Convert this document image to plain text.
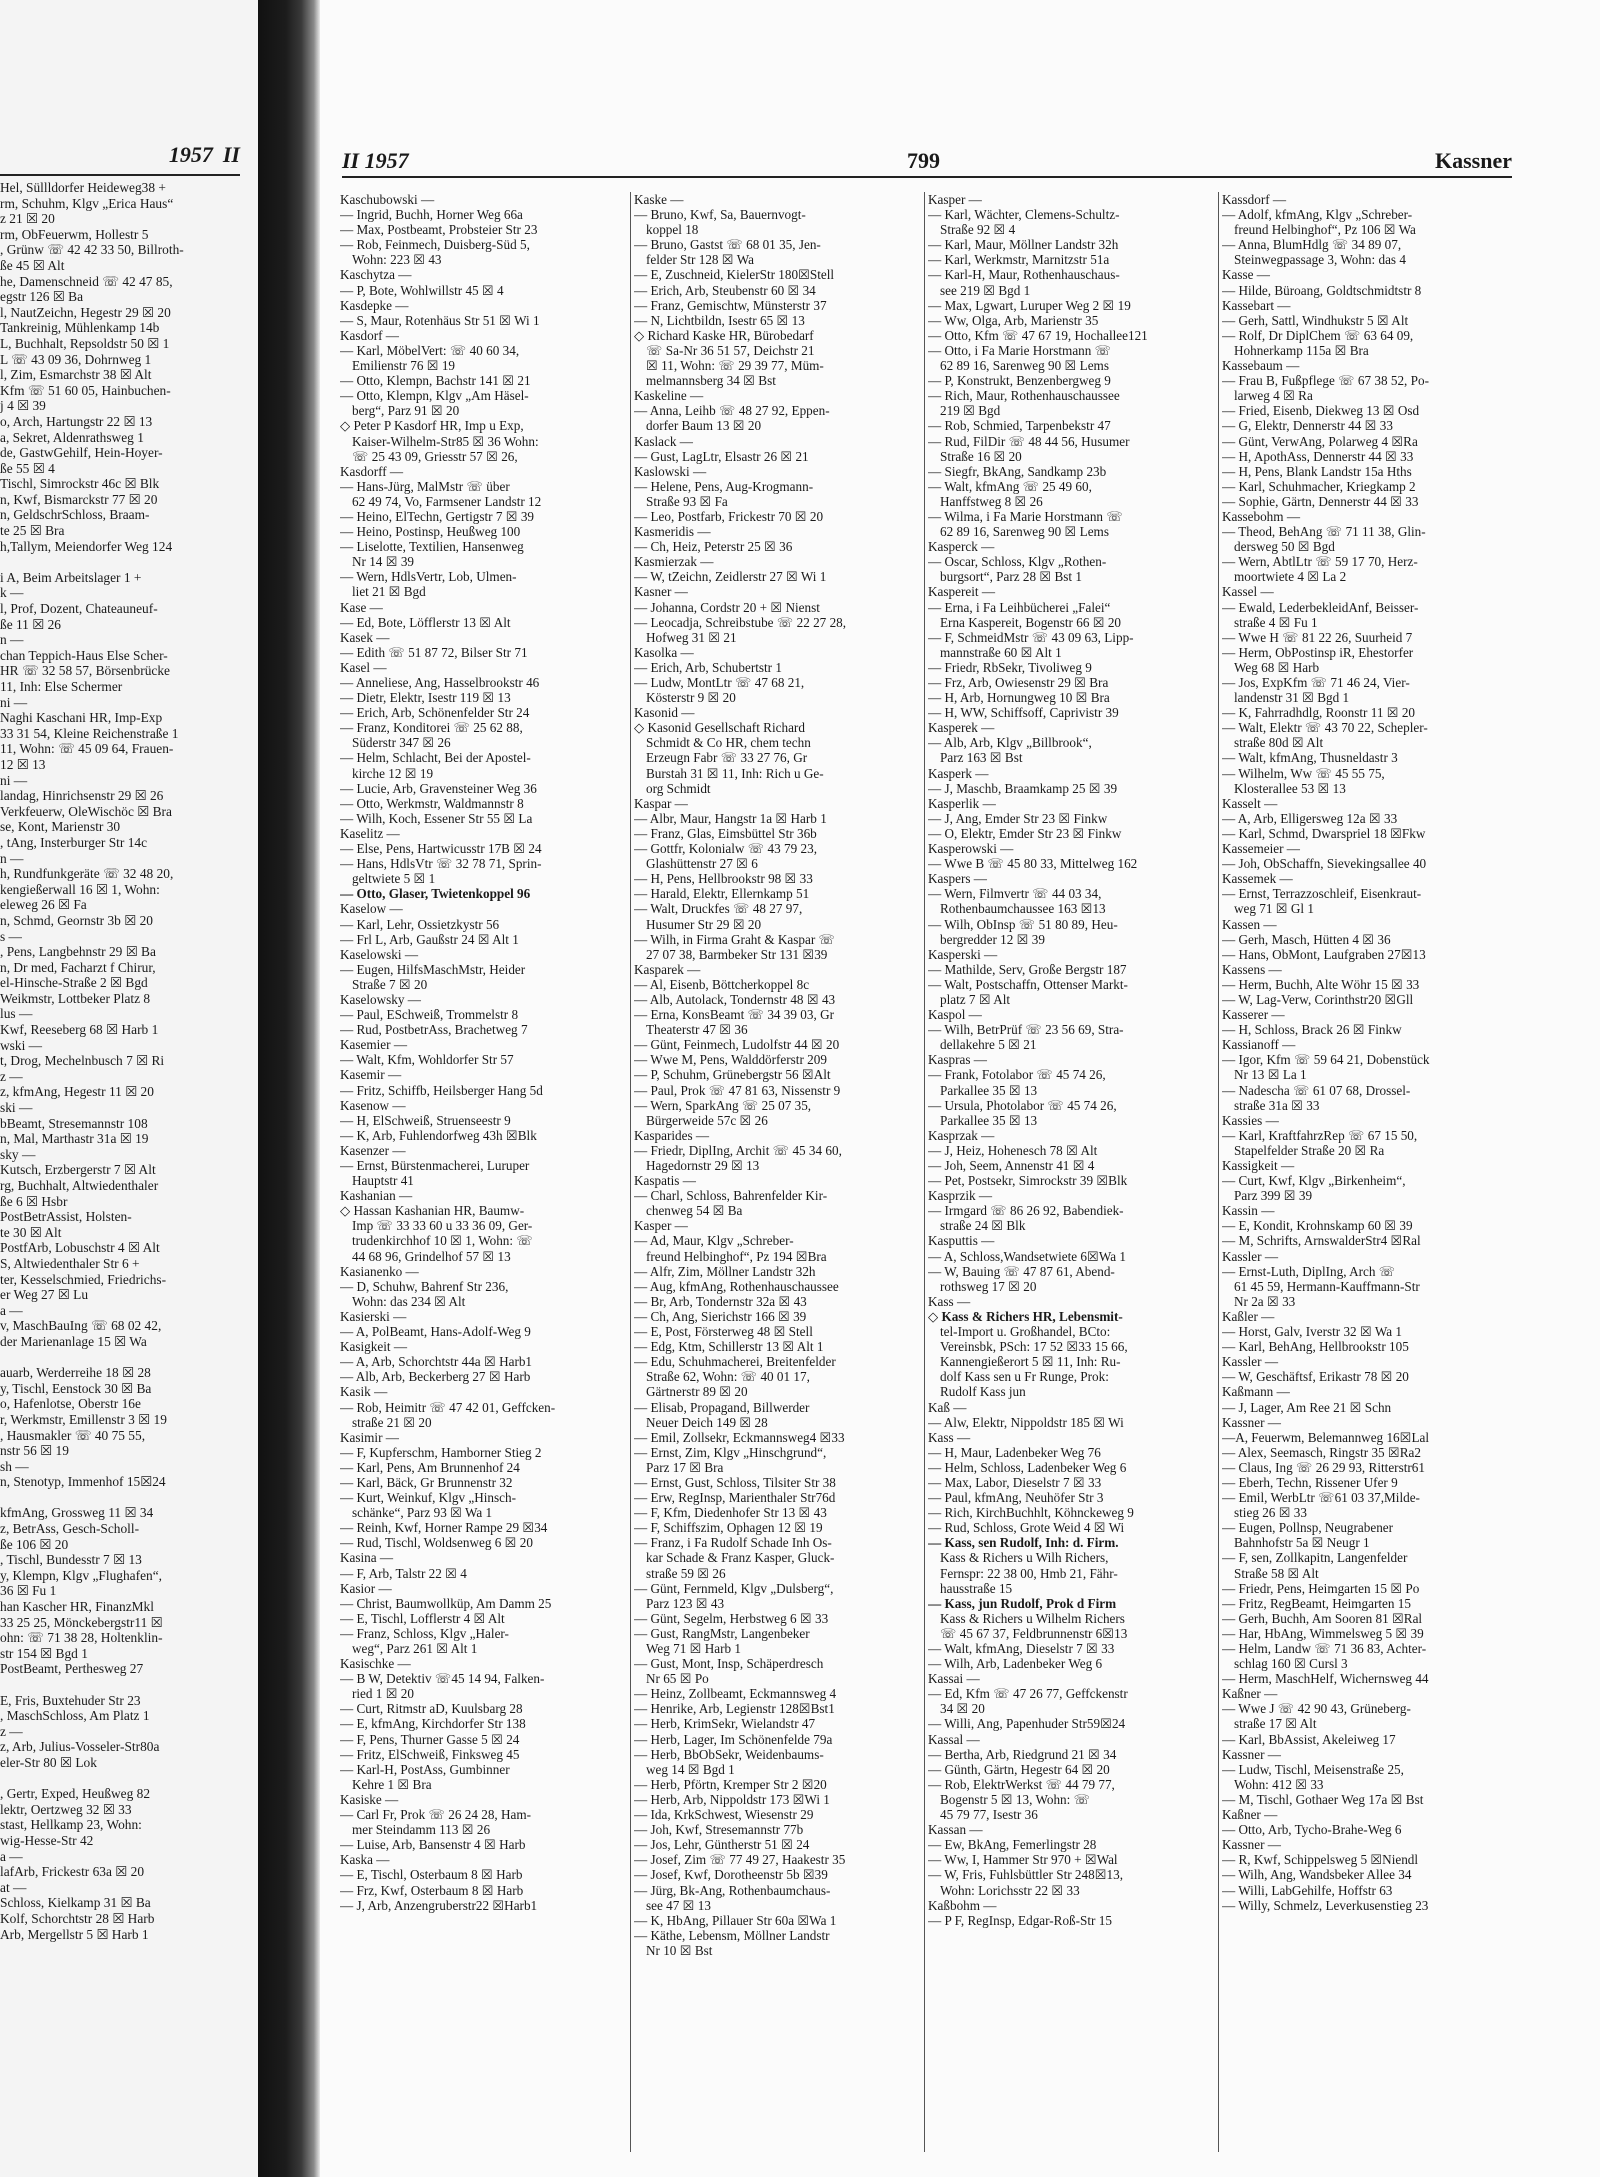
1957 II
Hel, Süllldorfer Heideweg38 +
rm, Schuhm, Klgv „Erica Haus“
z 21 ☒ 20
rm, ObFeuerwm, Hollestr 5
, Grünw ☏ 42 42 33 50, Billroth-
ße 45 ☒ Alt
he, Damenschneid ☏ 42 47 85,
egstr 126 ☒ Ba
l, NautZeichn, Hegestr 29 ☒ 20
Tankreinig, Mühlenkamp 14b
L, Buchhalt, Repsoldstr 50 ☒ 1
L ☏ 43 09 36, Dohrnweg 1
l, Zim, Esmarchstr 38 ☒ Alt
Kfm ☏ 51 60 05, Hainbuchen-
j 4 ☒ 39
o, Arch, Hartungstr 22 ☒ 13
a, Sekret, Aldenrathsweg 1
de, GastwGehilf, Hein-Hoyer-
ße 55 ☒ 4
Tischl, Simrockstr 46c ☒ Blk
n, Kwf, Bismarckstr 77 ☒ 20
n, GeldschrSchloss, Braam-
te 25 ☒ Bra
h,Tallym, Meiendorfer Weg 124

i A, Beim Arbeitslager 1 +
k —
l, Prof, Dozent, Chateauneuf-
ße 11 ☒ 26
n —
chan Teppich-Haus Else Scher-
HR ☏ 32 58 57, Börsenbrücke
11, Inh: Else Schermer
ni —
Naghi Kaschani HR, Imp-Exp
33 31 54, Kleine Reichenstraße 1
11, Wohn: ☏ 45 09 64, Frauen-
12 ☒ 13
ni —
landag, Hinrichsenstr 29 ☒ 26
Verkfeuerw, OleWischöc ☒ Bra
se, Kont, Marienstr 30
, tAng, Insterburger Str 14c
n —
h, Rundfunkgeräte ☏ 32 48 20,
kengießerwall 16 ☒ 1, Wohn:
eleweg 26 ☒ Fa
n, Schmd, Geornstr 3b ☒ 20
s —
, Pens, Langbehnstr 29 ☒ Ba
n, Dr med, Facharzt f Chirur,
el-Hinsche-Straße 2 ☒ Bgd
Weikmstr, Lottbeker Platz 8
lus —
Kwf, Reeseberg 68 ☒ Harb 1
wski —
t, Drog, Mechelnbusch 7 ☒ Ri
z —
z, kfmAng, Hegestr 11 ☒ 20
ski —
bBeamt, Stresemannstr 108
n, Mal, Marthastr 31a ☒ 19
sky —
Kutsch, Erzbergerstr 7 ☒ Alt
rg, Buchhalt, Altwiedenthaler
ße 6 ☒ Hsbr
PostBetrAssist, Holsten-
te 30 ☒ Alt
PostfArb, Lobuschstr 4 ☒ Alt
S, Altwiedenthaler Str 6 +
ter, Kesselschmied, Friedrichs-
er Weg 27 ☒ Lu
a —
v, MaschBauIng ☏ 68 02 42,
der Marienanlage 15 ☒ Wa

auarb, Werderreihe 18 ☒ 28
y, Tischl, Eenstock 30 ☒ Ba
o, Hafenlotse, Oberstr 16e
r, Werkmstr, Emillenstr 3 ☒ 19
, Hausmakler ☏ 40 75 55,
nstr 56 ☒ 19
sh —
n, Stenotyp, Immenhof 15☒24

kfmAng, Grossweg 11 ☒ 34
z, BetrAss, Gesch-Scholl-
ße 106 ☒ 20
, Tischl, Bundesstr 7 ☒ 13
y, Klempn, Klgv „Flughafen“,
36 ☒ Fu 1
han Kascher HR, FinanzMkl
33 25 25, Mönckebergstr11 ☒
ohn: ☏ 71 38 28, Holtenklin-
str 154 ☒ Bgd 1
PostBeamt, Perthesweg 27

E, Fris, Buxtehuder Str 23
, MaschSchloss, Am Platz 1
z —
z, Arb, Julius-Vosseler-Str80a
eler-Str 80 ☒ Lok

, Gertr, Exped, Heußweg 82
lektr, Oertzweg 32 ☒ 33
stast, Hellkamp 23, Wohn:
wig-Hesse-Str 42
a —
lafArb, Frickestr 63a ☒ 20
at —
Schloss, Kielkamp 31 ☒ Ba
Kolf, Schorchtstr 28 ☒ Harb
Arb, Mergellstr 5 ☒ Harb 1
II 1957	799	Kassner
Kaschubowski —
— Ingrid, Buchh, Horner Weg 66a
— Max, Postbeamt, Probsteier Str 23
— Rob, Feinmech, Duisberg-Süd 5,
Wohn: 223 ☒ 43
Kaschytza —
— P, Bote, Wohlwillstr 45 ☒ 4
Kasdepke —
— S, Maur, Rotenhäus Str 51 ☒ Wi 1
Kasdorf —
— Karl, MöbelVert: ☏ 40 60 34,
Emilienstr 76 ☒ 19
— Otto, Klempn, Bachstr 141 ☒ 21
— Otto, Klempn, Klgv „Am Häsel-
berg“, Parz 91 ☒ 20
◇ Peter P Kasdorf HR, Imp u Exp,
Kaiser-Wilhelm-Str85 ☒ 36 Wohn:
☏ 25 43 09, Griesstr 57 ☒ 26,
Kasdorff —
— Hans-Jürg, MalMstr ☏ über
62 49 74, Vo, Farmsener Landstr 12
— Heino, ElTechn, Gertigstr 7 ☒ 39
— Heino, Postinsp, Heußweg 100
— Liselotte, Textilien, Hansenweg
Nr 14 ☒ 39
— Wern, HdlsVertr, Lob, Ulmen-
liet 21 ☒ Bgd
Kase —
— Ed, Bote, Löfflerstr 13 ☒ Alt
Kasek —
— Edith ☏ 51 87 72, Bilser Str 71
Kasel —
— Anneliese, Ang, Hasselbrookstr 46
— Dietr, Elektr, Isestr 119 ☒ 13
— Erich, Arb, Schönenfelder Str 24
— Franz, Konditorei ☏ 25 62 88,
Süderstr 347 ☒ 26
— Helm, Schlacht, Bei der Apostel-
kirche 12 ☒ 19
— Lucie, Arb, Gravensteiner Weg 36
— Otto, Werkmstr, Waldmannstr 8
— Wilh, Koch, Essener Str 55 ☒ La
Kaselitz —
— Else, Pens, Hartwicusstr 17B ☒ 24
— Hans, HdlsVtr ☏ 32 78 71, Sprin-
geltwiete 5 ☒ 1
— Otto, Glaser, Twietenkoppel 96
Kaselow —
— Karl, Lehr, Ossietzkystr 56
— Frl L, Arb, Gaußstr 24 ☒ Alt 1
Kaselowski —
— Eugen, HilfsMaschMstr, Heider
Straße 7 ☒ 20
Kaselowsky —
— Paul, ESchweiß, Trommelstr 8
— Rud, PostbetrAss, Brachetweg 7
Kasemier —
— Walt, Kfm, Wohldorfer Str 57
Kasemir —
— Fritz, Schiffb, Heilsberger Hang 5d
Kasenow —
— H, ElSchweiß, Struenseestr 9
— K, Arb, Fuhlendorfweg 43h ☒Blk
Kasenzer —
— Ernst, Bürstenmacherei, Luruper
Hauptstr 41
Kashanian —
◇ Hassan Kashanian HR, Baumw-
Imp ☏ 33 33 60 u 33 36 09, Ger-
trudenkirchhof 10 ☒ 1, Wohn: ☏
44 68 96, Grindelhof 57 ☒ 13
Kasianenko —
— D, Schuhw, Bahrenf Str 236,
Wohn: das 234 ☒ Alt
Kasierski —
— A, PolBeamt, Hans-Adolf-Weg 9
Kasigkeit —
— A, Arb, Schorchtstr 44a ☒ Harb1
— Alb, Arb, Beckerberg 27 ☒ Harb
Kasik —
— Rob, Heimitr ☏ 47 42 01, Geffcken-
straße 21 ☒ 20
Kasimir —
— F, Kupferschm, Hamborner Stieg 2
— Karl, Pens, Am Brunnenhof 24
— Karl, Bäck, Gr Brunnenstr 32
— Kurt, Weinkuf, Klgv „Hinsch-
schänke“, Parz 93 ☒ Wa 1
— Reinh, Kwf, Horner Rampe 29 ☒34
— Rud, Tischl, Woldsenweg 6 ☒ 20
Kasina —
— F, Arb, Talstr 22 ☒ 4
Kasior —
— Christ, Baumwollküp, Am Damm 25
— E, Tischl, Lofflerstr 4 ☒ Alt
— Franz, Schloss, Klgv „Haler-
weg“, Parz 261 ☒ Alt 1
Kasischke —
— B W, Detektiv ☏45 14 94, Falken-
ried 1 ☒ 20
— Curt, Ritmstr aD, Kuulsbarg 28
— E, kfmAng, Kirchdorfer Str 138
— F, Pens, Thurner Gasse 5 ☒ 24
— Fritz, ElSchweiß, Finksweg 45
— Karl-H, PostAss, Gumbinner
Kehre 1 ☒ Bra
Kasiske —
— Carl Fr, Prok ☏ 26 24 28, Ham-
mer Steindamm 113 ☒ 26
— Luise, Arb, Bansenstr 4 ☒ Harb
Kaska —
— E, Tischl, Osterbaum 8 ☒ Harb
— Frz, Kwf, Osterbaum 8 ☒ Harb
— J, Arb, Anzengruberstr22 ☒Harb1
Kaske —
— Bruno, Kwf, Sa, Bauernvogt-
koppel 18
— Bruno, Gastst ☏ 68 01 35, Jen-
felder Str 128 ☒ Wa
— E, Zuschneid, KielerStr 180☒Stell
— Erich, Arb, Steubenstr 60 ☒ 34
— Franz, Gemischtw, Münsterstr 37
— N, Lichtbildn, Isestr 65 ☒ 13
◇ Richard Kaske HR, Bürobedarf
☏ Sa-Nr 36 51 57, Deichstr 21
☒ 11, Wohn: ☏ 29 39 77, Müm-
melmannsberg 34 ☒ Bst
Kaskeline —
— Anna, Leihb ☏ 48 27 92, Eppen-
dorfer Baum 13 ☒ 20
Kaslack —
— Gust, LagLtr, Elsastr 26 ☒ 21
Kaslowski —
— Helene, Pens, Aug-Krogmann-
Straße 93 ☒ Fa
— Leo, Postfarb, Frickestr 70 ☒ 20
Kasmeridis —
— Ch, Heiz, Peterstr 25 ☒ 36
Kasmierzak —
— W, tZeichn, Zeidlerstr 27 ☒ Wi 1
Kasner —
— Johanna, Cordstr 20 + ☒ Nienst
— Leocadja, Schreibstube ☏ 22 27 28,
Hofweg 31 ☒ 21
Kasolka —
— Erich, Arb, Schubertstr 1
— Ludw, MontLtr ☏ 47 68 21,
Kösterstr 9 ☒ 20
Kasonid —
◇ Kasonid Gesellschaft Richard
Schmidt & Co HR, chem techn
Erzeugn Fabr ☏ 33 27 76, Gr
Burstah 31 ☒ 11, Inh: Rich u Ge-
org Schmidt
Kaspar —
— Albr, Maur, Hangstr 1a ☒ Harb 1
— Franz, Glas, Eimsbüttel Str 36b
— Gottfr, Kolonialw ☏ 43 79 23,
Glashüttenstr 27 ☒ 6
— H, Pens, Hellbrookstr 98 ☒ 33
— Harald, Elektr, Ellernkamp 51
— Walt, Druckfes ☏ 48 27 97,
Husumer Str 29 ☒ 20
— Wilh, in Firma Graht & Kaspar ☏
27 07 38, Barmbeker Str 131 ☒39
Kasparek —
— Al, Eisenb, Böttcherkoppel 8c
— Alb, Autolack, Tondernstr 48 ☒ 43
— Erna, KonsBeamt ☏ 34 39 03, Gr
Theaterstr 47 ☒ 36
— Günt, Feinmech, Ludolfstr 44 ☒ 20
— Wwe M, Pens, Walddörferstr 209
— P, Schuhm, Grünebergstr 56 ☒Alt
— Paul, Prok ☏ 47 81 63, Nissenstr 9
— Wern, SparkAng ☏ 25 07 35,
Bürgerweide 57c ☒ 26
Kasparides —
— Friedr, DiplIng, Archit ☏ 45 34 60,
Hagedornstr 29 ☒ 13
Kaspatis —
— Charl, Schloss, Bahrenfelder Kir-
chenweg 54 ☒ Ba
Kasper —
— Ad, Maur, Klgv „Schreber-
freund Helbinghof“, Pz 194 ☒Bra
— Alfr, Zim, Möllner Landstr 32h
— Aug, kfmAng, Rothenhauschaussee
— Br, Arb, Tondernstr 32a ☒ 43
— Ch, Ang, Sierichstr 166 ☒ 39
— E, Post, Försterweg 48 ☒ Stell
— Edg, Ktm, Schillerstr 13 ☒ Alt 1
— Edu, Schuhmacherei, Breitenfelder
Straße 62, Wohn: ☏ 40 01 17,
Gärtnerstr 89 ☒ 20
— Elisab, Propagand, Billwerder
Neuer Deich 149 ☒ 28
— Emil, Zollsekr, Eckmannsweg4 ☒33
— Ernst, Zim, Klgv „Hinschgrund“,
Parz 17 ☒ Bra
— Ernst, Gust, Schloss, Tilsiter Str 38
— Erw, RegInsp, Marienthaler Str76d
— F, Kfm, Diedenhofer Str 13 ☒ 43
— F, Schiffszim, Ophagen 12 ☒ 19
— Franz, i Fa Rudolf Schade Inh Os-
kar Schade & Franz Kasper, Gluck-
straße 59 ☒ 26
— Günt, Fernmeld, Klgv „Dulsberg“,
Parz 123 ☒ 43
— Günt, Segelm, Herbstweg 6 ☒ 33
— Gust, RangMstr, Langenbeker
Weg 71 ☒ Harb 1
— Gust, Mont, Insp, Schäperdresch
Nr 65 ☒ Po
— Heinz, Zollbeamt, Eckmannsweg 4
— Henrike, Arb, Legienstr 128☒Bst1
— Herb, KrimSekr, Wielandstr 47
— Herb, Lager, Im Schönenfelde 79a
— Herb, BbObSekr, Weidenbaums-
weg 14 ☒ Bgd 1
— Herb, Pförtn, Kremper Str 2 ☒20
— Herb, Arb, Nippoldstr 173 ☒Wi 1
— Ida, KrkSchwest, Wiesenstr 29
— Joh, Kwf, Stresemannstr 77b
— Jos, Lehr, Güntherstr 51 ☒ 24
— Josef, Zim ☏ 77 49 27, Haakestr 35
— Josef, Kwf, Dorotheenstr 5b ☒39
— Jürg, Bk-Ang, Rothenbaumchaus-
see 47 ☒ 13
— K, HbAng, Pillauer Str 60a ☒Wa 1
— Käthe, Lebensm, Möllner Landstr
Nr 10 ☒ Bst
Kasper —
— Karl, Wächter, Clemens-Schultz-
Straße 92 ☒ 4
— Karl, Maur, Möllner Landstr 32h
— Karl, Werkmstr, Marnitzstr 51a
— Karl-H, Maur, Rothenhauschaus-
see 219 ☒ Bgd 1
— Max, Lgwart, Luruper Weg 2 ☒ 19
— Ww, Olga, Arb, Marienstr 35
— Otto, Kfm ☏ 47 67 19, Hochallee121
— Otto, i Fa Marie Horstmann ☏
62 89 16, Sarenweg 90 ☒ Lems
— P, Konstrukt, Benzenbergweg 9
— Rich, Maur, Rothenhauschaussee
219 ☒ Bgd
— Rob, Schmied, Tarpenbekstr 47
— Rud, FilDir ☏ 48 44 56, Husumer
Straße 16 ☒ 20
— Siegfr, BkAng, Sandkamp 23b
— Walt, kfmAng ☏ 25 49 60,
Hanffstweg 8 ☒ 26
— Wilma, i Fa Marie Horstmann ☏
62 89 16, Sarenweg 90 ☒ Lems
Kasperck —
— Oscar, Schloss, Klgv „Rothen-
burgsort“, Parz 28 ☒ Bst 1
Kaspereit —
— Erna, i Fa Leihbücherei „Falei“
Erna Kaspereit, Bogenstr 66 ☒ 20
— F, SchmeidMstr ☏ 43 09 63, Lipp-
mannstraße 60 ☒ Alt 1
— Friedr, RbSekr, Tivoliweg 9
— Frz, Arb, Owiesenstr 29 ☒ Bra
— H, Arb, Hornungweg 10 ☒ Bra
— H, WW, Schiffsoff, Caprivistr 39
Kasperek —
— Alb, Arb, Klgv „Billbrook“,
Parz 163 ☒ Bst
Kasperk —
— J, Maschb, Braamkamp 25 ☒ 39
Kasperlik —
— J, Ang, Emder Str 23 ☒ Finkw
— O, Elektr, Emder Str 23 ☒ Finkw
Kasperowski —
— Wwe B ☏ 45 80 33, Mittelweg 162
Kaspers —
— Wern, Filmvertr ☏ 44 03 34,
Rothenbaumchaussee 163 ☒13
— Wilh, ObInsp ☏ 51 80 89, Heu-
bergredder 12 ☒ 39
Kasperski —
— Mathilde, Serv, Große Bergstr 187
— Walt, Postschaffn, Ottenser Markt-
platz 7 ☒ Alt
Kaspol —
— Wilh, BetrPrüf ☏ 23 56 69, Stra-
dellakehre 5 ☒ 21
Kaspras —
— Frank, Fotolabor ☏ 45 74 26,
Parkallee 35 ☒ 13
— Ursula, Photolabor ☏ 45 74 26,
Parkallee 35 ☒ 13
Kasprzak —
— J, Heiz, Hohenesch 78 ☒ Alt
— Joh, Seem, Annenstr 41 ☒ 4
— Pet, Postsekr, Simrockstr 39 ☒Blk
Kasprzik —
— Irmgard ☏ 86 26 92, Babendiek-
straße 24 ☒ Blk
Kasputtis —
— A, Schloss,Wandsetwiete 6☒Wa 1
— W, Bauing ☏ 47 87 61, Abend-
rothsweg 17 ☒ 20
Kass —
◇ Kass & Richers HR, Lebensmit-
tel-Import u. Großhandel, BCto:
Vereinsbk, PSch: 17 52 ☒33 15 66,
Kannengießerort 5 ☒ 11, Inh: Ru-
dolf Kass sen u Fr Runge, Prok:
Rudolf Kass jun
Kaß —
— Alw, Elektr, Nippoldstr 185 ☒ Wi
Kass —
— H, Maur, Ladenbeker Weg 76
— Helm, Schloss, Ladenbeker Weg 6
— Max, Labor, Dieselstr 7 ☒ 33
— Paul, kfmAng, Neuhöfer Str 3
— Rich, KirchBuchhlt, Köhnckeweg 9
— Rud, Schloss, Grote Weid 4 ☒ Wi
— Kass, sen Rudolf, Inh: d. Firm.
Kass & Richers u Wilh Richers,
Fernspr: 22 38 00, Hmb 21, Fähr-
hausstraße 15
— Kass, jun Rudolf, Prok d Firm
Kass & Richers u Wilhelm Richers
☏ 45 67 37, Feldbrunnenstr 6☒13
— Walt, kfmAng, Dieselstr 7 ☒ 33
— Wilh, Arb, Ladenbeker Weg 6
Kassai —
— Ed, Kfm ☏ 47 26 77, Geffckenstr
34 ☒ 20
— Willi, Ang, Papenhuder Str59☒24
Kassal —
— Bertha, Arb, Riedgrund 21 ☒ 34
— Günth, Gärtn, Hegestr 64 ☒ 20
— Rob, ElektrWerkst ☏ 44 79 77,
Bogenstr 5 ☒ 13, Wohn: ☏
45 79 77, Isestr 36
Kassan —
— Ew, BkAng, Femerlingstr 28
— Ww, I, Hammer Str 970 + ☒Wal
— W, Fris, Fuhlsbüttler Str 248☒13,
Wohn: Lorichsstr 22 ☒ 33
Kaßbohm —
— P F, RegInsp, Edgar-Roß-Str 15
Kassdorf —
— Adolf, kfmAng, Klgv „Schreber-
freund Helbinghof“, Pz 106 ☒ Wa
— Anna, BlumHdlg ☏ 34 89 07,
Steinwegpassage 3, Wohn: das 4
Kasse —
— Hilde, Büroang, Goldtschmidtstr 8
Kassebart —
— Gerh, Sattl, Windhukstr 5 ☒ Alt
— Rolf, Dr DiplChem ☏ 63 64 09,
Hohnerkamp 115a ☒ Bra
Kassebaum —
— Frau B, Fußpflege ☏ 67 38 52, Po-
larweg 4 ☒ Ra
— Fried, Eisenb, Diekweg 13 ☒ Osd
— G, Elektr, Dennerstr 44 ☒ 33
— Günt, VerwAng, Polarweg 4 ☒Ra
— H, ApothAss, Dennerstr 44 ☒ 33
— H, Pens, Blank Landstr 15a Hths
— Karl, Schuhmacher, Kriegkamp 2
— Sophie, Gärtn, Dennerstr 44 ☒ 33
Kassebohm —
— Theod, BehAng ☏ 71 11 38, Glin-
dersweg 50 ☒ Bgd
— Wern, AbtlLtr ☏ 59 17 70, Herz-
moortwiete 4 ☒ La 2
Kassel —
— Ewald, LederbekleidAnf, Beisser-
straße 4 ☒ Fu 1
— Wwe H ☏ 81 22 26, Suurheid 7
— Herm, ObPostinsp iR, Ehestorfer
Weg 68 ☒ Harb
— Jos, ExpKfm ☏ 71 46 24, Vier-
landenstr 31 ☒ Bgd 1
— K, Fahrradhdlg, Roonstr 11 ☒ 20
— Walt, Elektr ☏ 43 70 22, Schepler-
straße 80d ☒ Alt
— Walt, kfmAng, Thusneldastr 3
— Wilhelm, Ww ☏ 45 55 75,
Klosterallee 53 ☒ 13
Kasselt —
— A, Arb, Elligersweg 12a ☒ 33
— Karl, Schmd, Dwarspriel 18 ☒Fkw
Kassemeier —
— Joh, ObSchaffn, Sievekingsallee 40
Kassemek —
— Ernst, Terrazzoschleif, Eisenkraut-
weg 71 ☒ Gl 1
Kassen —
— Gerh, Masch, Hütten 4 ☒ 36
— Hans, ObMont, Laufgraben 27☒13
Kassens —
— Herm, Buchh, Alte Wöhr 15 ☒ 33
— W, Lag-Verw, Corinthstr20 ☒Gll
Kasserer —
— H, Schloss, Brack 26 ☒ Finkw
Kassianoff —
— Igor, Kfm ☏ 59 64 21, Dobenstück
Nr 13 ☒ La 1
— Nadescha ☏ 61 07 68, Drossel-
straße 31a ☒ 33
Kassies —
— Karl, KraftfahrzRep ☏ 67 15 50,
Stapelfelder Straße 20 ☒ Ra
Kassigkeit —
— Curt, Kwf, Klgv „Birkenheim“,
Parz 399 ☒ 39
Kassin —
— E, Kondit, Krohnskamp 60 ☒ 39
— M, Schrifts, ArnswalderStr4 ☒Ral
Kassler —
— Ernst-Luth, DiplIng, Arch ☏
61 45 59, Hermann-Kauffmann-Str
Nr 2a ☒ 33
Kaßler —
— Horst, Galv, Iverstr 32 ☒ Wa 1
— Karl, BehAng, Hellbrookstr 105
Kassler —
— W, Geschäftsf, Erikastr 78 ☒ 20
Kaßmann —
— J, Lager, Am Ree 21 ☒ Schn
Kassner —
—A, Feuerwm, Belemannweg 16☒Lal
— Alex, Seemasch, Ringstr 35 ☒Ra2
— Claus, Ing ☏ 26 29 93, Ritterstr61
— Eberh, Techn, Rissener Ufer 9
— Emil, WerbLtr ☏61 03 37,Milde-
stieg 26 ☒ 33
— Eugen, Pollnsp, Neugrabener
Bahnhofstr 5a ☒ Neugr 1
— F, sen, Zollkapitn, Langenfelder
Straße 58 ☒ Alt
— Friedr, Pens, Heimgarten 15 ☒ Po
— Fritz, RegBeamt, Heimgarten 15
— Gerh, Buchh, Am Sooren 81 ☒Ral
— Har, HbAng, Wimmelsweg 5 ☒ 39
— Helm, Landw ☏ 71 36 83, Achter-
schlag 160 ☒ Cursl 3
— Herm, MaschHelf, Wichernsweg 44
Kaßner —
— Wwe J ☏ 42 90 43, Grüneberg-
straße 17 ☒ Alt
— Karl, BbAssist, Akeleiweg 17
Kassner —
— Ludw, Tischl, Meisenstraße 25,
Wohn: 412 ☒ 33
— M, Tischl, Gothaer Weg 17a ☒ Bst
Kaßner —
— Otto, Arb, Tycho-Brahe-Weg 6
Kassner —
— R, Kwf, Schippelsweg 5 ☒Niendl
— Wilh, Ang, Wandsbeker Allee 34
— Willi, LabGehilfe, Hoffstr 63
— Willy, Schmelz, Leverkusenstieg 23
